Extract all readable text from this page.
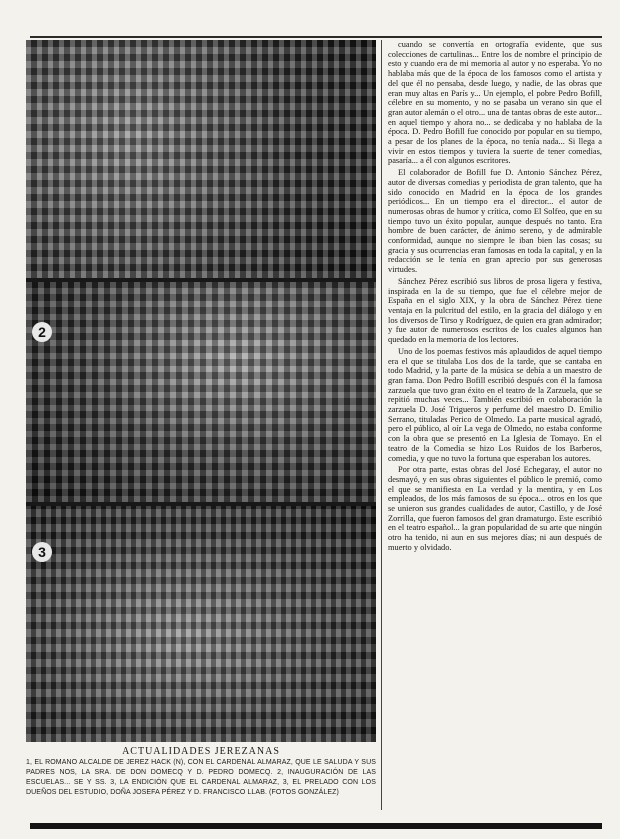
2
3
ACTUALIDADES JEREZANAS
1, EL ROMANO ALCALDE DE JEREZ HACK (N), CON EL CARDENAL ALMARAZ, QUE LE SALUDA Y SUS PADRES NOS, LA SRA. DE DON DOMECQ Y D. PEDRO DOMECQ. 2, INAUGURACIÓN DE LAS ESCUELAS... SE Y SS. 3, LA ENDICIÓN QUE EL CARDENAL ALMARAZ, 3, EL PRELADO CON LOS DUEÑOS DEL ESTUDIO, DOÑA JOSEFA PÉREZ Y D. FRANCISCO LLAB. (FOTOS GONZÁLEZ)

cuando se convertía en ortografía evidente, que sus colecciones de cartulinas... Entre los de nombre el principio de esto y cuando era de mi memoria al autor y no esperaba. Yo no hablaba más que de la época de los famosos como el artista y del que él no pensaba, desde luego, y nadie, de las obras que eran muy altas en París y... Un ejemplo, el pobre Pedro Bofill, célebre en su momento, y no se pasaba un verano sin que el gran autor alemán o el otro... una de tantas obras de este autor... en aquel tiempo y ahora no... se dedicaba y no hablaba de la época. D. Pedro Bofill fue conocido por popular en su tiempo, a pesar de los planes de la época, no tenía nada... Si llega a vivir en estos tiempos y tuviera la suerte de tener comedias, pasaría... a él con algunos escritores.

El colaborador de Bofill fue D. Antonio Sánchez Pérez, autor de diversas comedias y periodista de gran talento, que ha sido conocido en Madrid en la época de los grandes periódicos... En un tiempo era el director... el autor de numerosas obras de humor y crítica, como El Solfeo, que en su tiempo tuvo un éxito popular, aunque después no tanto. Era hombre de buen carácter, de ánimo sereno, y de admirable conformidad, aunque no siempre le iban bien las cosas; su gracia y sus ocurrencias eran famosas en toda la capital, y en la redacción se le tenía en gran aprecio por sus generosas virtudes.

Sánchez Pérez escribió sus libros de prosa ligera y festiva, inspirada en la de su tiempo, que fue el célebre mejor de España en el siglo XIX, y la obra de Sánchez Pérez tiene ventaja en la pulcritud del estilo, en la gracia del diálogo y en los diversos de Tirso y Rodríguez, de quien era gran admirador; y fue autor de numerosos escritos de los cuales algunos han quedado en la memoria de los lectores.

Uno de los poemas festivos más aplaudidos de aquel tiempo era el que se titulaba Los dos de la tarde, que se cantaba en todo Madrid, y la parte de la música se debía a un maestro de gran fama. Don Pedro Bofill escribió después con él la famosa zarzuela que tuvo gran éxito en el teatro de la Zarzuela, que se repitió muchas veces... También escribió en colaboración la zarzuela D. José Trigueros y perfume del maestro D. Emilio Serrano, tituladas Perico de Olmedo. La parte musical agradó, pero el público, al oír La vega de Olmedo, no estaba conforme con la obra que se presentó en La Iglesia de Tomayo. En el teatro de la Comedia se hizo Los Ruidos de los Barberos, comedia, y que no tuvo la fortuna que esperaban los autores.

Por otra parte, estas obras del José Echegaray, el autor no desmayó, y en sus obras siguientes el público le premió, como el que se manifiesta en La verdad y la mentira, y en Los empleados, de los más famosos de su época... otros en los que se unieron sus grandes cualidades de autor, Castillo, y de José Zorrilla, que fueron famosos del gran dramaturgo. Este escribió en el teatro español... la gran popularidad de su arte que ningún otro ha tenido, ni aun en sus mejores días; ni aun después de muerto y olvidado.
